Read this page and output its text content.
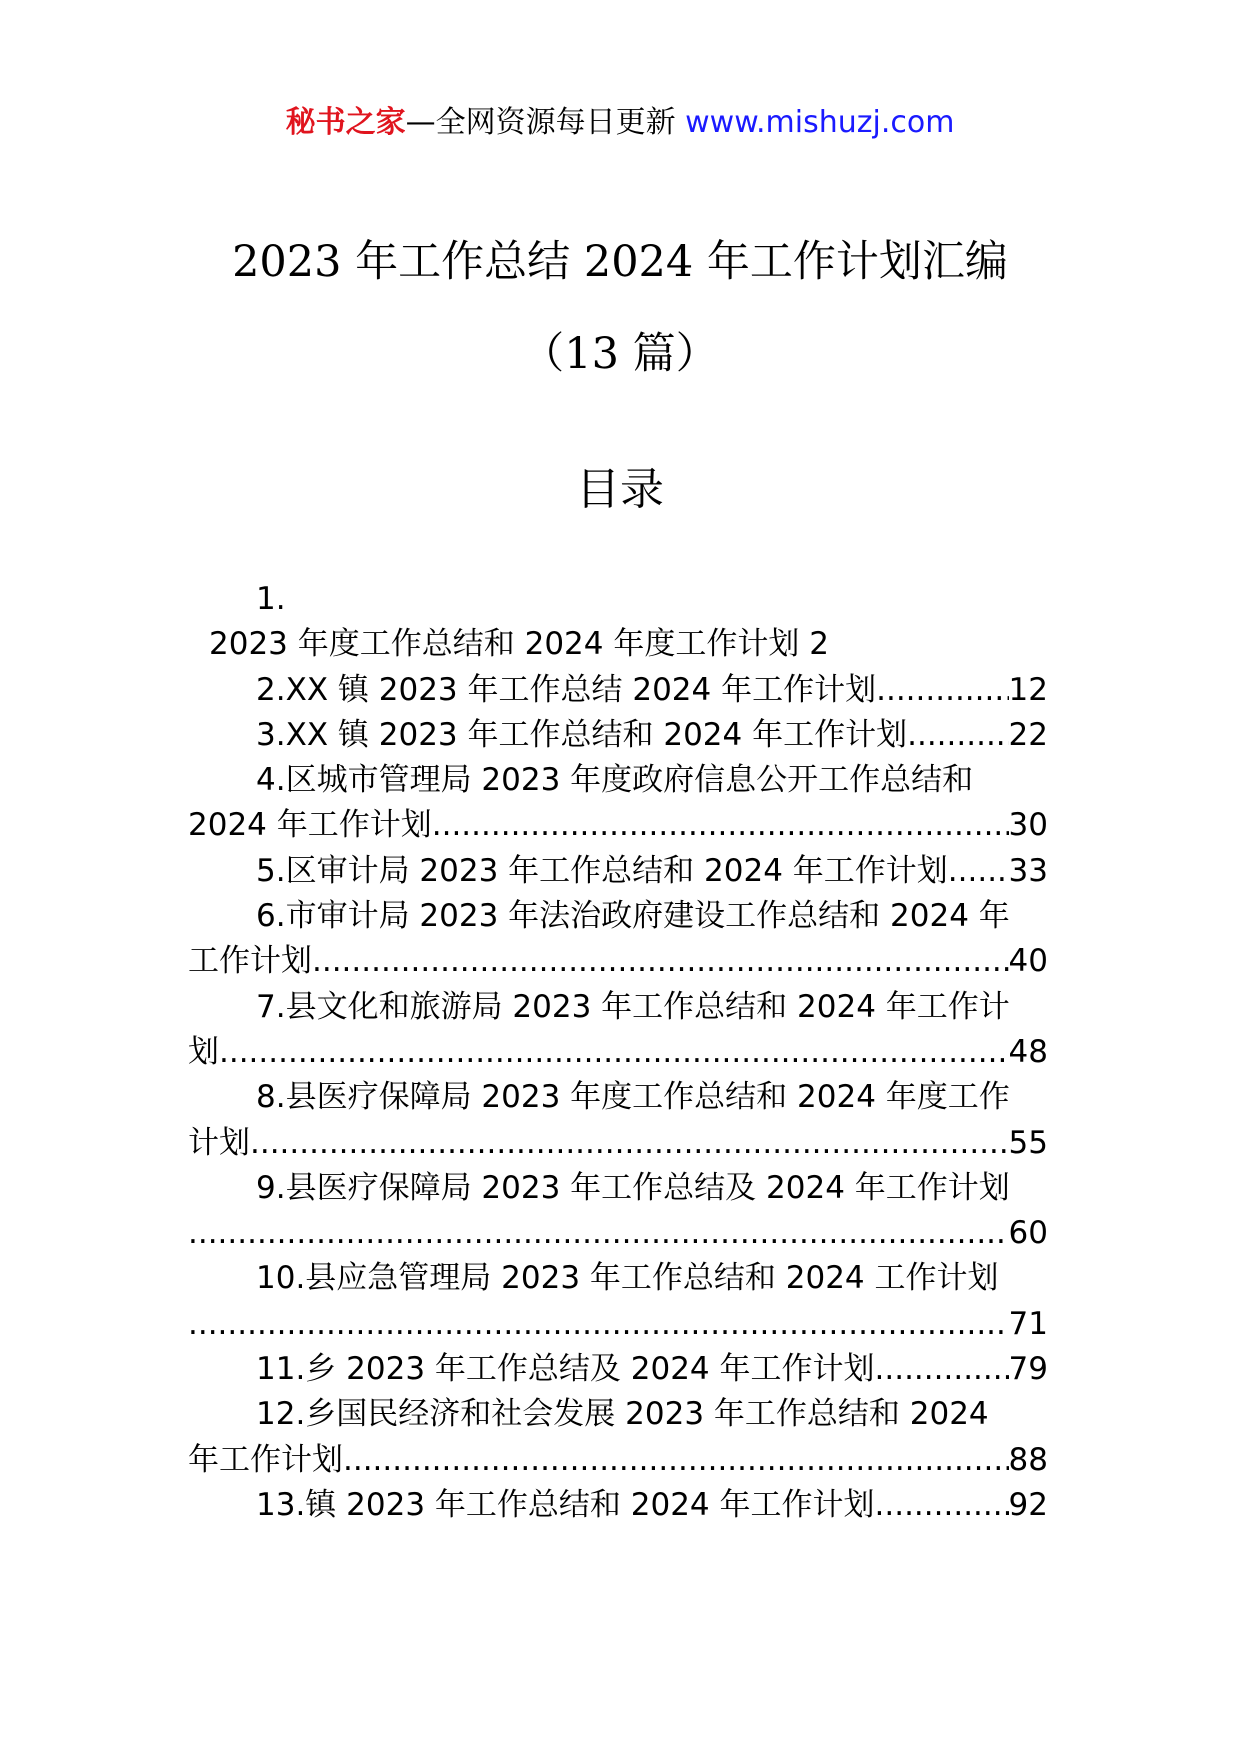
秘书之家—全网资源每日更新 www.mishuzj.com
2023 年工作总结 2024 年工作计划汇编
（13 篇）
目录
1.
2023 年度工作总结和 2024 年度工作计划 2
2.XX 镇 2023 年工作总结 2024 年工作计划 .....	12
3.XX 镇 2023 年工作总结和 2024 年工作计划 .....	22
4.区城市管理局 2023 年度政府信息公开工作总结和
2024 年工作计划 .....	30
5.区审计局 2023 年工作总结和 2024 年工作计划. ..... 33
6.市审计局 2023 年法治政府建设工作总结和 2024 年
工作计划 .....	40
7.县文化和旅游局 2023 年工作总结和 2024 年工作计
划 .....	48
8.县医疗保障局 2023 年度工作总结和 2024 年度工作
计划 .....	55
9.县医疗保障局 2023 年工作总结及 2024 年工作计划
.....
60
10.县应急管理局 2023 年工作总结和 2024 工作计划
.....
71
11.乡 2023 年工作总结及 2024 年工作计划 .....	79
12.乡国民经济和社会发展 2023 年工作总结和 2024
年工作计划 .....	88
13.镇 2023 年工作总结和 2024 年工作计划 .....	92
